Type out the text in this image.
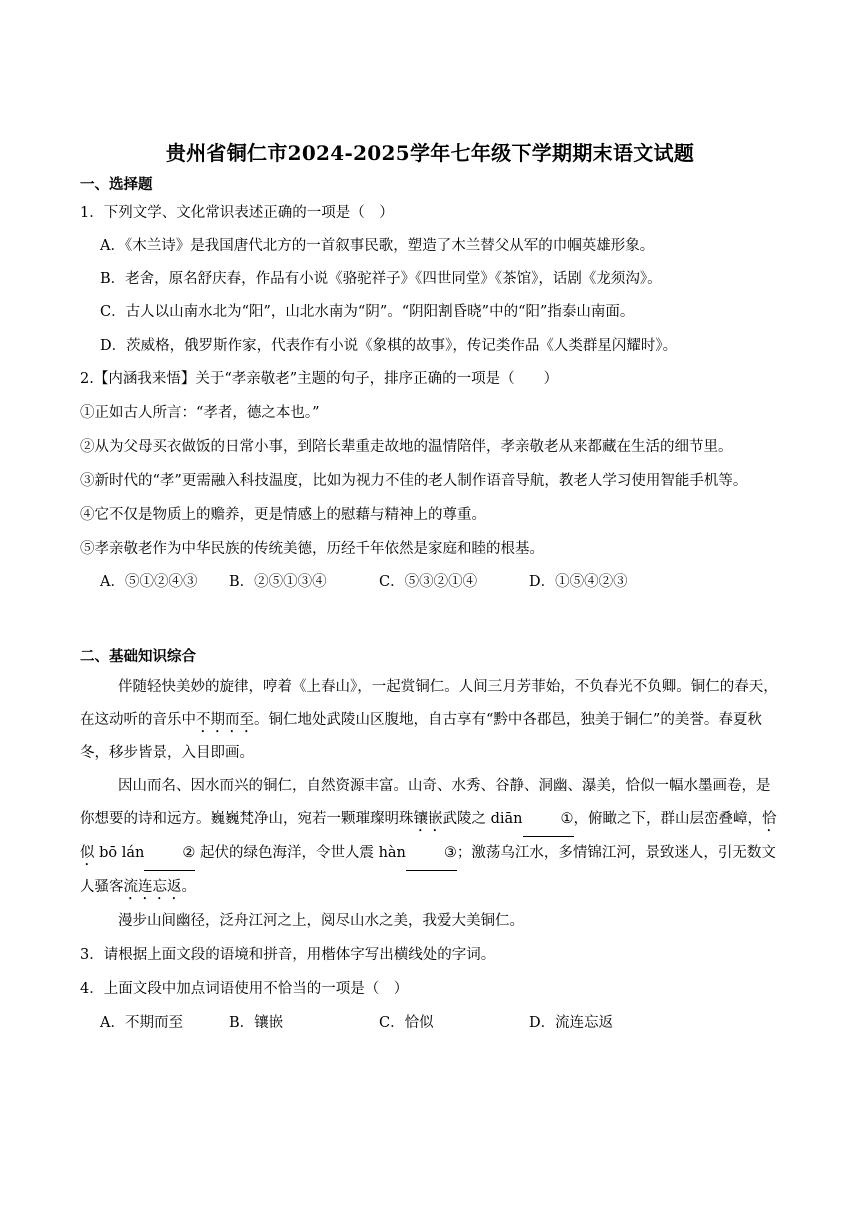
贵州省铜仁市2024-2025学年七年级下学期期末语文试题
一、选择题
1．下列文学、文化常识表述正确的一项是（　）
A．《木兰诗》是我国唐代北方的一首叙事民歌，塑造了木兰替父从军的巾帼英雄形象。
B．老舍，原名舒庆春，作品有小说《骆驼祥子》《四世同堂》《茶馆》，话剧《龙须沟》。
C．古人以山南水北为“阳”，山北水南为“阴”。“阴阳割昏晓”中的“阳”指泰山南面。
D．茨威格，俄罗斯作家，代表作有小说《象棋的故事》，传记类作品《人类群星闪耀时》。
2.【内涵我来悟】关于“孝亲敬老”主题的句子，排序正确的一项是（　　）
①正如古人所言：“孝者，德之本也。”
②从为父母买衣做饭的日常小事，到陪长辈重走故地的温情陪伴，孝亲敬老从来都藏在生活的细节里。
③新时代的“孝”更需融入科技温度，比如为视力不佳的老人制作语音导航，教老人学习使用智能手机等。
④它不仅是物质上的赡养，更是情感上的慰藉与精神上的尊重。
⑤孝亲敬老作为中华民族的传统美德，历经千年依然是家庭和睦的根基。
A．⑤①②④③ B．②⑤①③④	C．⑤③②①④	D．①⑤④②③
二、基础知识综合
伴随轻快美妙的旋律，哼着《上春山》，一起赏铜仁。人间三月芳菲始，不负春光不负卿。铜仁的春天，在这动听的音乐中不期而至。铜仁地处武陵山区腹地，自古享有“黔中各郡邑，独美于铜仁”的美誉。春夏秋冬，移步皆景，入目即画。
因山而名、因水而兴的铜仁，自然资源丰富。山奇、水秀、谷静、洞幽、瀑美，恰似一幅水墨画卷，是你想要的诗和远方。巍巍梵净山，宛若一颗璀璨明珠镶嵌武陵之 diān	①，俯瞰之下，群山层峦叠嶂，恰似 bō lán	② 起伏的绿色海洋，令世人震 hàn	③；激荡乌江水，多情锦江河，景致迷人，引无数文人骚客流连忘返。
漫步山间幽径，泛舟江河之上，阅尽山水之美，我爱大美铜仁。
3．请根据上面文段的语境和拼音，用楷体字写出横线处的字词。
4．上面文段中加点词语使用不恰当的一项是（　）
A．不期而至	B．镶嵌	C．恰似	D．流连忘返
